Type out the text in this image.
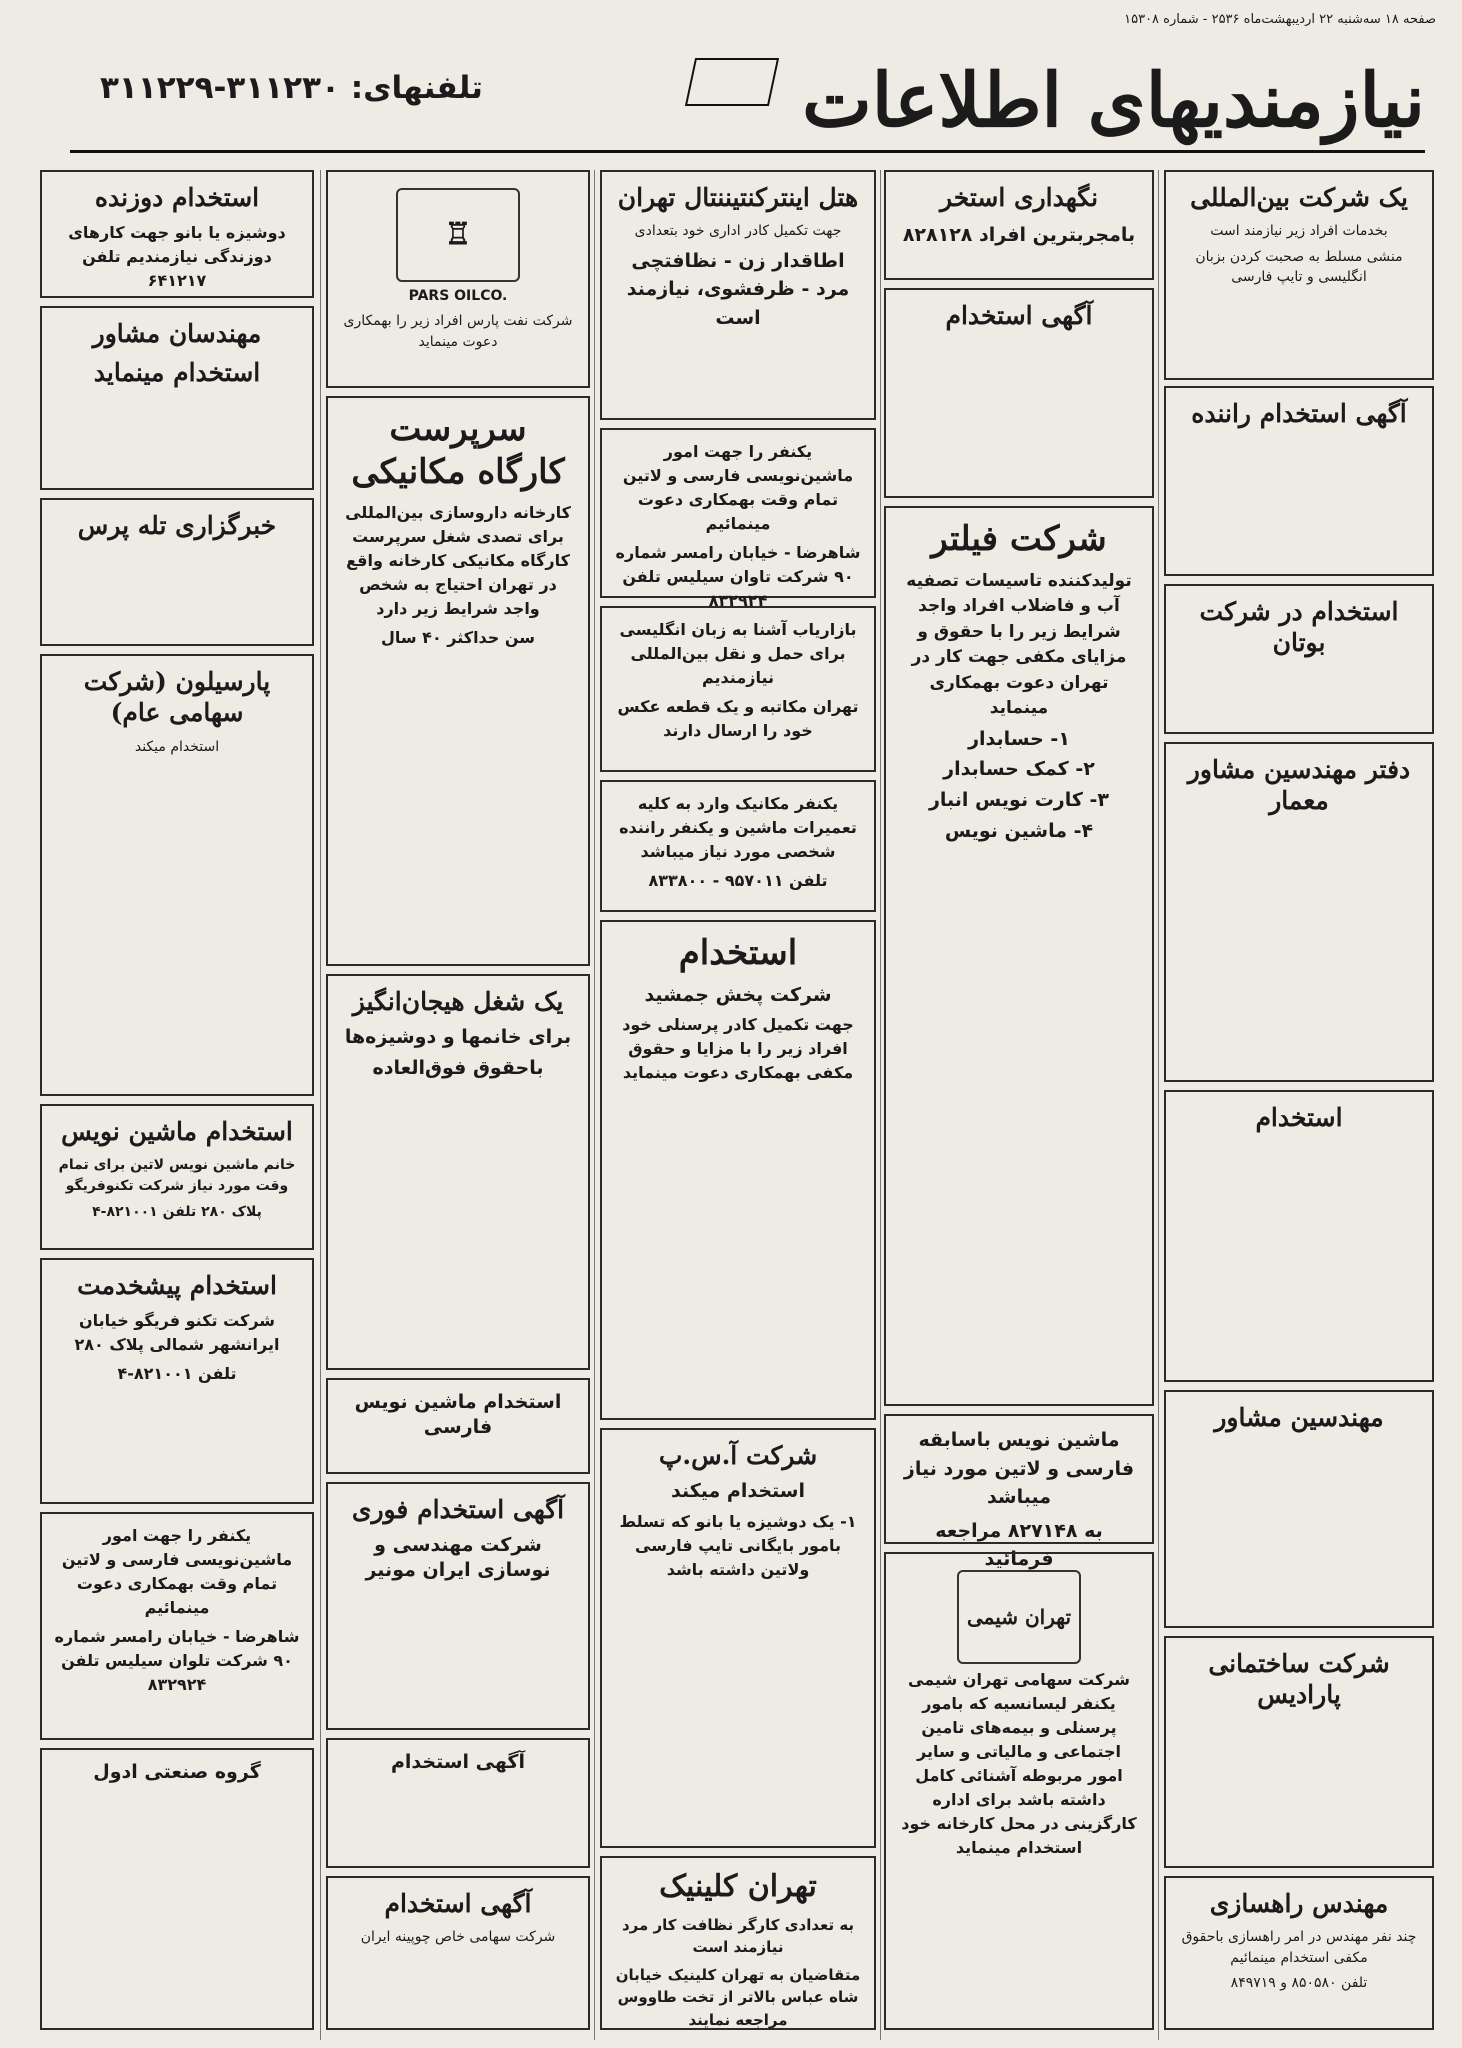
صفحه ۱۸ سه‌شنبه ۲۲ اردیبهشت‌ماه ۲۵۳۶ - شماره ۱۵۳۰۸
نیازمندیهای اطلاعات
تلفنهای: ۳۱۱۲۳۰-۳۱۱۲۲۹
یک شرکت بین‌المللی

بخدمات افراد زیر نیازمند است

منشی مسلط به صحبت کردن بزبان انگلیسی و تایپ فارسی

آگهی استخدام راننده
استخدام در شرکت بوتان
دفتر مهندسین مشاور معمار
استخدام
مهندسین مشاور
شرکت ساختمانی پارادیس
مهندس راهسازی

چند نفر مهندس در امر راهسازی باحقوق مکفی استخدام مینمائیم

تلفن ۸۵۰۵۸۰ و ۸۴۹۷۱۹

نگهداری استخر

بامجربترین افراد ۸۲۸۱۲۸

آگهی استخدام
شرکت فیلتر

تولیدکننده تاسیسات تصفیه آب و فاضلاب افراد واجد شرایط زیر را با حقوق و مزایای مکفی جهت کار در تهران دعوت بهمکاری مینماید

۱- حسابدار
۲- کمک حسابدار
۳- کارت نویس انبار
۴- ماشین نویس

ماشین نویس باسابقه فارسی و لاتین مورد نیاز میباشد

به ۸۲۷۱۴۸ مراجعه فرمائید

تهران شیمی

شرکت سهامی تهران شیمی یکنفر لیسانسیه که بامور پرسنلی و بیمه‌های تامین اجتماعی و مالیاتی و سایر امور مربوطه آشنائی کامل داشته باشد برای اداره کارگزینی در محل کارخانه خود استخدام مینماید

هتل اینترکنتیننتال تهران

جهت تکمیل کادر اداری خود بتعدادی

اطاقدار زن - نظافتچی مرد - ظرفشوی، نیازمند است

یکنفر را جهت امور ماشین‌نویسی فارسی و لاتین تمام وقت بهمکاری دعوت مینمائیم

شاهرضا - خیابان رامسر شماره ۹۰ شرکت تاوان سیلیس تلفن ۸۳۲۹۲۴

بازاریاب آشنا به زبان انگلیسی برای حمل و نقل بین‌المللی نیازمندیم

تهران مکاتبه و یک قطعه عکس خود را ارسال دارند

یکنفر مکانیک وارد به کلیه تعمیرات ماشین و یکنفر راننده شخصی مورد نیاز میباشد

تلفن ۹۵۷۰۱۱ - ۸۳۳۸۰۰

استخدام
شرکت پخش جمشید

جهت تکمیل کادر پرسنلی خود افراد زیر را با مزایا و حقوق مکفی بهمکاری دعوت مینماید

شرکت آ.س.پ
استخدام میکند

۱- یک دوشیزه یا بانو که تسلط بامور بایگانی تایپ فارسی ولاتین داشته باشد

تهران کلینیک

به تعدادی کارگر نظافت کار مرد نیازمند است

متقاضیان به تهران کلینیک خیابان شاه عباس بالاتر از تخت طاووس مراجعه نمایند

♖

PARS OILCO.

شرکت نفت پارس افراد زیر را بهمکاری دعوت مینماید

سرپرست کارگاه مکانیکی

کارخانه داروسازی بین‌المللی برای تصدی شغل سرپرست کارگاه مکانیکی کارخانه واقع در تهران احتیاج به شخص واجد شرایط زیر دارد

سن حداکثر ۴۰ سال

یک شغل هیجان‌انگیز
برای خانمها و دوشیزه‌ها
باحقوق فوق‌العاده
استخدام ماشین نویس فارسی
آگهی استخدام فوری
شرکت مهندسی و نوسازی ایران مونیر
آگهی استخدام
آگهی استخدام

شرکت سهامی خاص چوپینه ایران

استخدام دوزنده

دوشیزه یا بانو جهت کارهای دوزندگی نیازمندیم تلفن ۶۴۱۲۱۷

مهندسان مشاور
استخدام مینماید
خبرگزاری تله پرس
پارسیلون (شرکت سهامی عام)

استخدام میکند

استخدام ماشین نویس

خانم ماشین نویس لاتین برای تمام وقت مورد نیاز شرکت تکنوفریگو

پلاک ۲۸۰ تلفن ۸۲۱۰۰۱-۴

استخدام پیشخدمت

شرکت تکنو فریگو خیابان ایرانشهر شمالی پلاک ۲۸۰

تلفن ۸۲۱۰۰۱-۴

یکنفر را جهت امور ماشین‌نویسی فارسی و لاتین تمام وقت بهمکاری دعوت مینمائیم

شاهرضا - خیابان رامسر شماره ۹۰ شرکت تلوان سیلیس تلفن ۸۳۲۹۲۴

گروه صنعتی ادول
